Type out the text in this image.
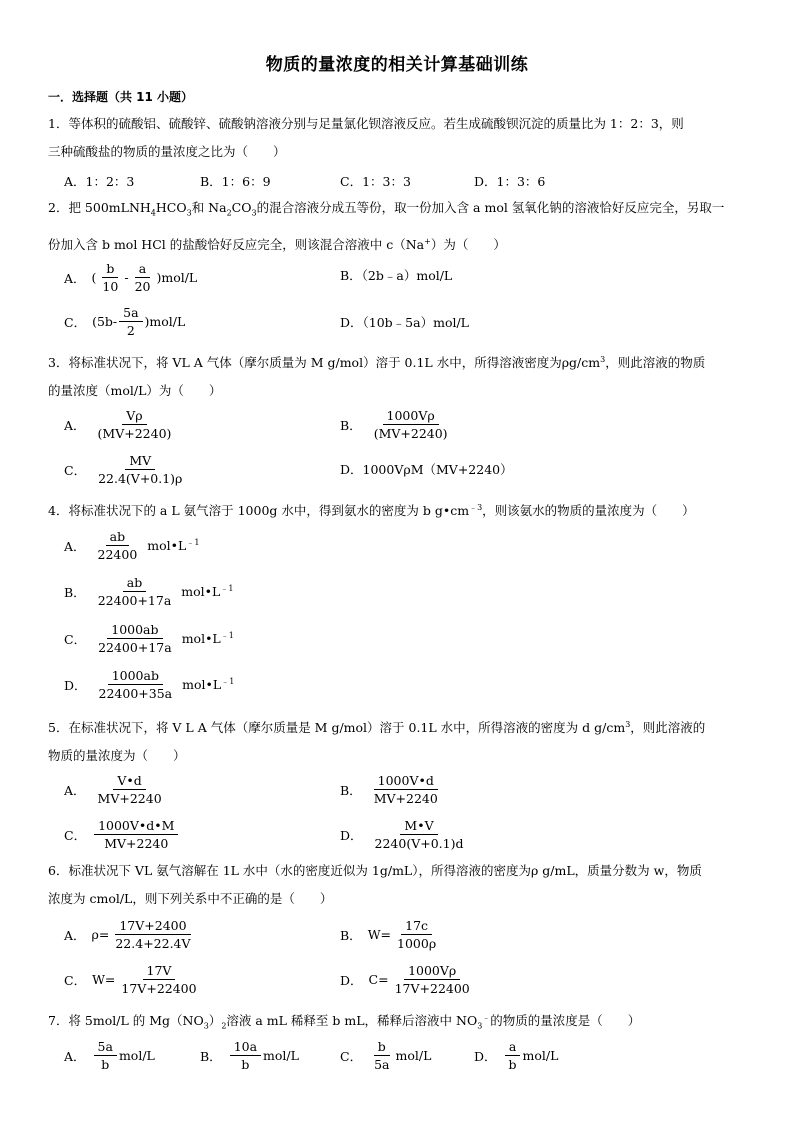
物质的量浓度的相关计算基础训练
一．选择题（共 11 小题）
1．等体积的硫酸铝、硫酸锌、硫酸钠溶液分别与足量氯化钡溶液反应。若生成硫酸钡沉淀的质量比为 1：2：3，则
三种硫酸盐的物质的量浓度之比为（　　）
A．1：2：3	B．1：6：9	C．1：3：3	D．1：3：6
2．把 $500mLNH_4HCO_3$和 $Na_2CO_3$的混合溶液分成五等份，取一份加入含 a mol 氢氧化钠的溶液恰好反应完全，另取一
份加入含 b mol HCl 的盐酸恰好反应完全，则该混合溶液中 c（Na+）为（　　）
A． ( $\frac{b}{10} - \frac{a}{20} )mol/L$	B．（2b﹣a）mol/L
C． $(5b- \frac{5a}{2} )mol/L$	D．（10b﹣5a）mol/L
3．将标准状况下，将 VL A 气体（摩尔质量为 M g/mol）溶于 0.1L 水中，所得溶液密度为$\rho g/cm^3$，则此溶液的物质
的量浓度（mol/L）为（　　）
A． $\frac{V\rho}{(MV+2240)}$	B． $\frac{1000V\rho}{(MV+2240)}$
C． $\frac{MV}{22.4(V+0.1)\rho}$	D．1000VρM（MV+2240）
4．将标准状况下的 a L 氨气溶于 1000g 水中，得到氨水的密度为 b $g•cm^{﹣3}$，则该氨水的物质的量浓度为（　　）
A． $\frac{ab}{22400}$ $mol•L^{﹣1}$
B． $\frac{ab}{22400+17a}$ $mol•L^{﹣1}$
C． $\frac{1000ab}{22400+17a}$ $mol•L^{﹣1}$
D． $\frac{1000ab}{22400+35a}$ $mol•L^{﹣1}$
5．在标准状况下，将 V L A 气体（摩尔质量是 M g/mol）溶于 0.1L 水中，所得溶液的密度为 d $g/cm^3$，则此溶液的
物质的量浓度为（　　）
A． $\frac{V•d}{MV+2240}$	B． $\frac{1000V•d}{MV+2240}$
C． $\frac{1000V•d•M}{MV+2240}$	D． $\frac{M•V}{2240(V+0.1)d}$
6．标准状况下 VL 氨气溶解在 1L 水中（水的密度近似为 1g/mL），所得溶液的密度为ρ g/mL，质量分数为 w，物质
浓度为 cmol/L，则下列关系中不正确的是（　　）
A． $\rho= \frac{17V+2400}{22.4+22.4V}$	B． $W= \frac{17c}{1000\rho}$
C． $W= \frac{17V}{17V+22400}$	D． $C= \frac{1000V\rho}{17V+22400}$
7．将 5mol/L 的 $Mg(NO_3)_2$溶液 a mL 稀释至 b mL，稀释后溶液中 $NO_3^﹣$的物质的量浓度是（　　）
A． $\frac{5a}{b} mol/L$	B． $\frac{10a}{b} mol/L$	C． $\frac{b}{5a} mol/L$	D． $\frac{a}{b} mol/L$
